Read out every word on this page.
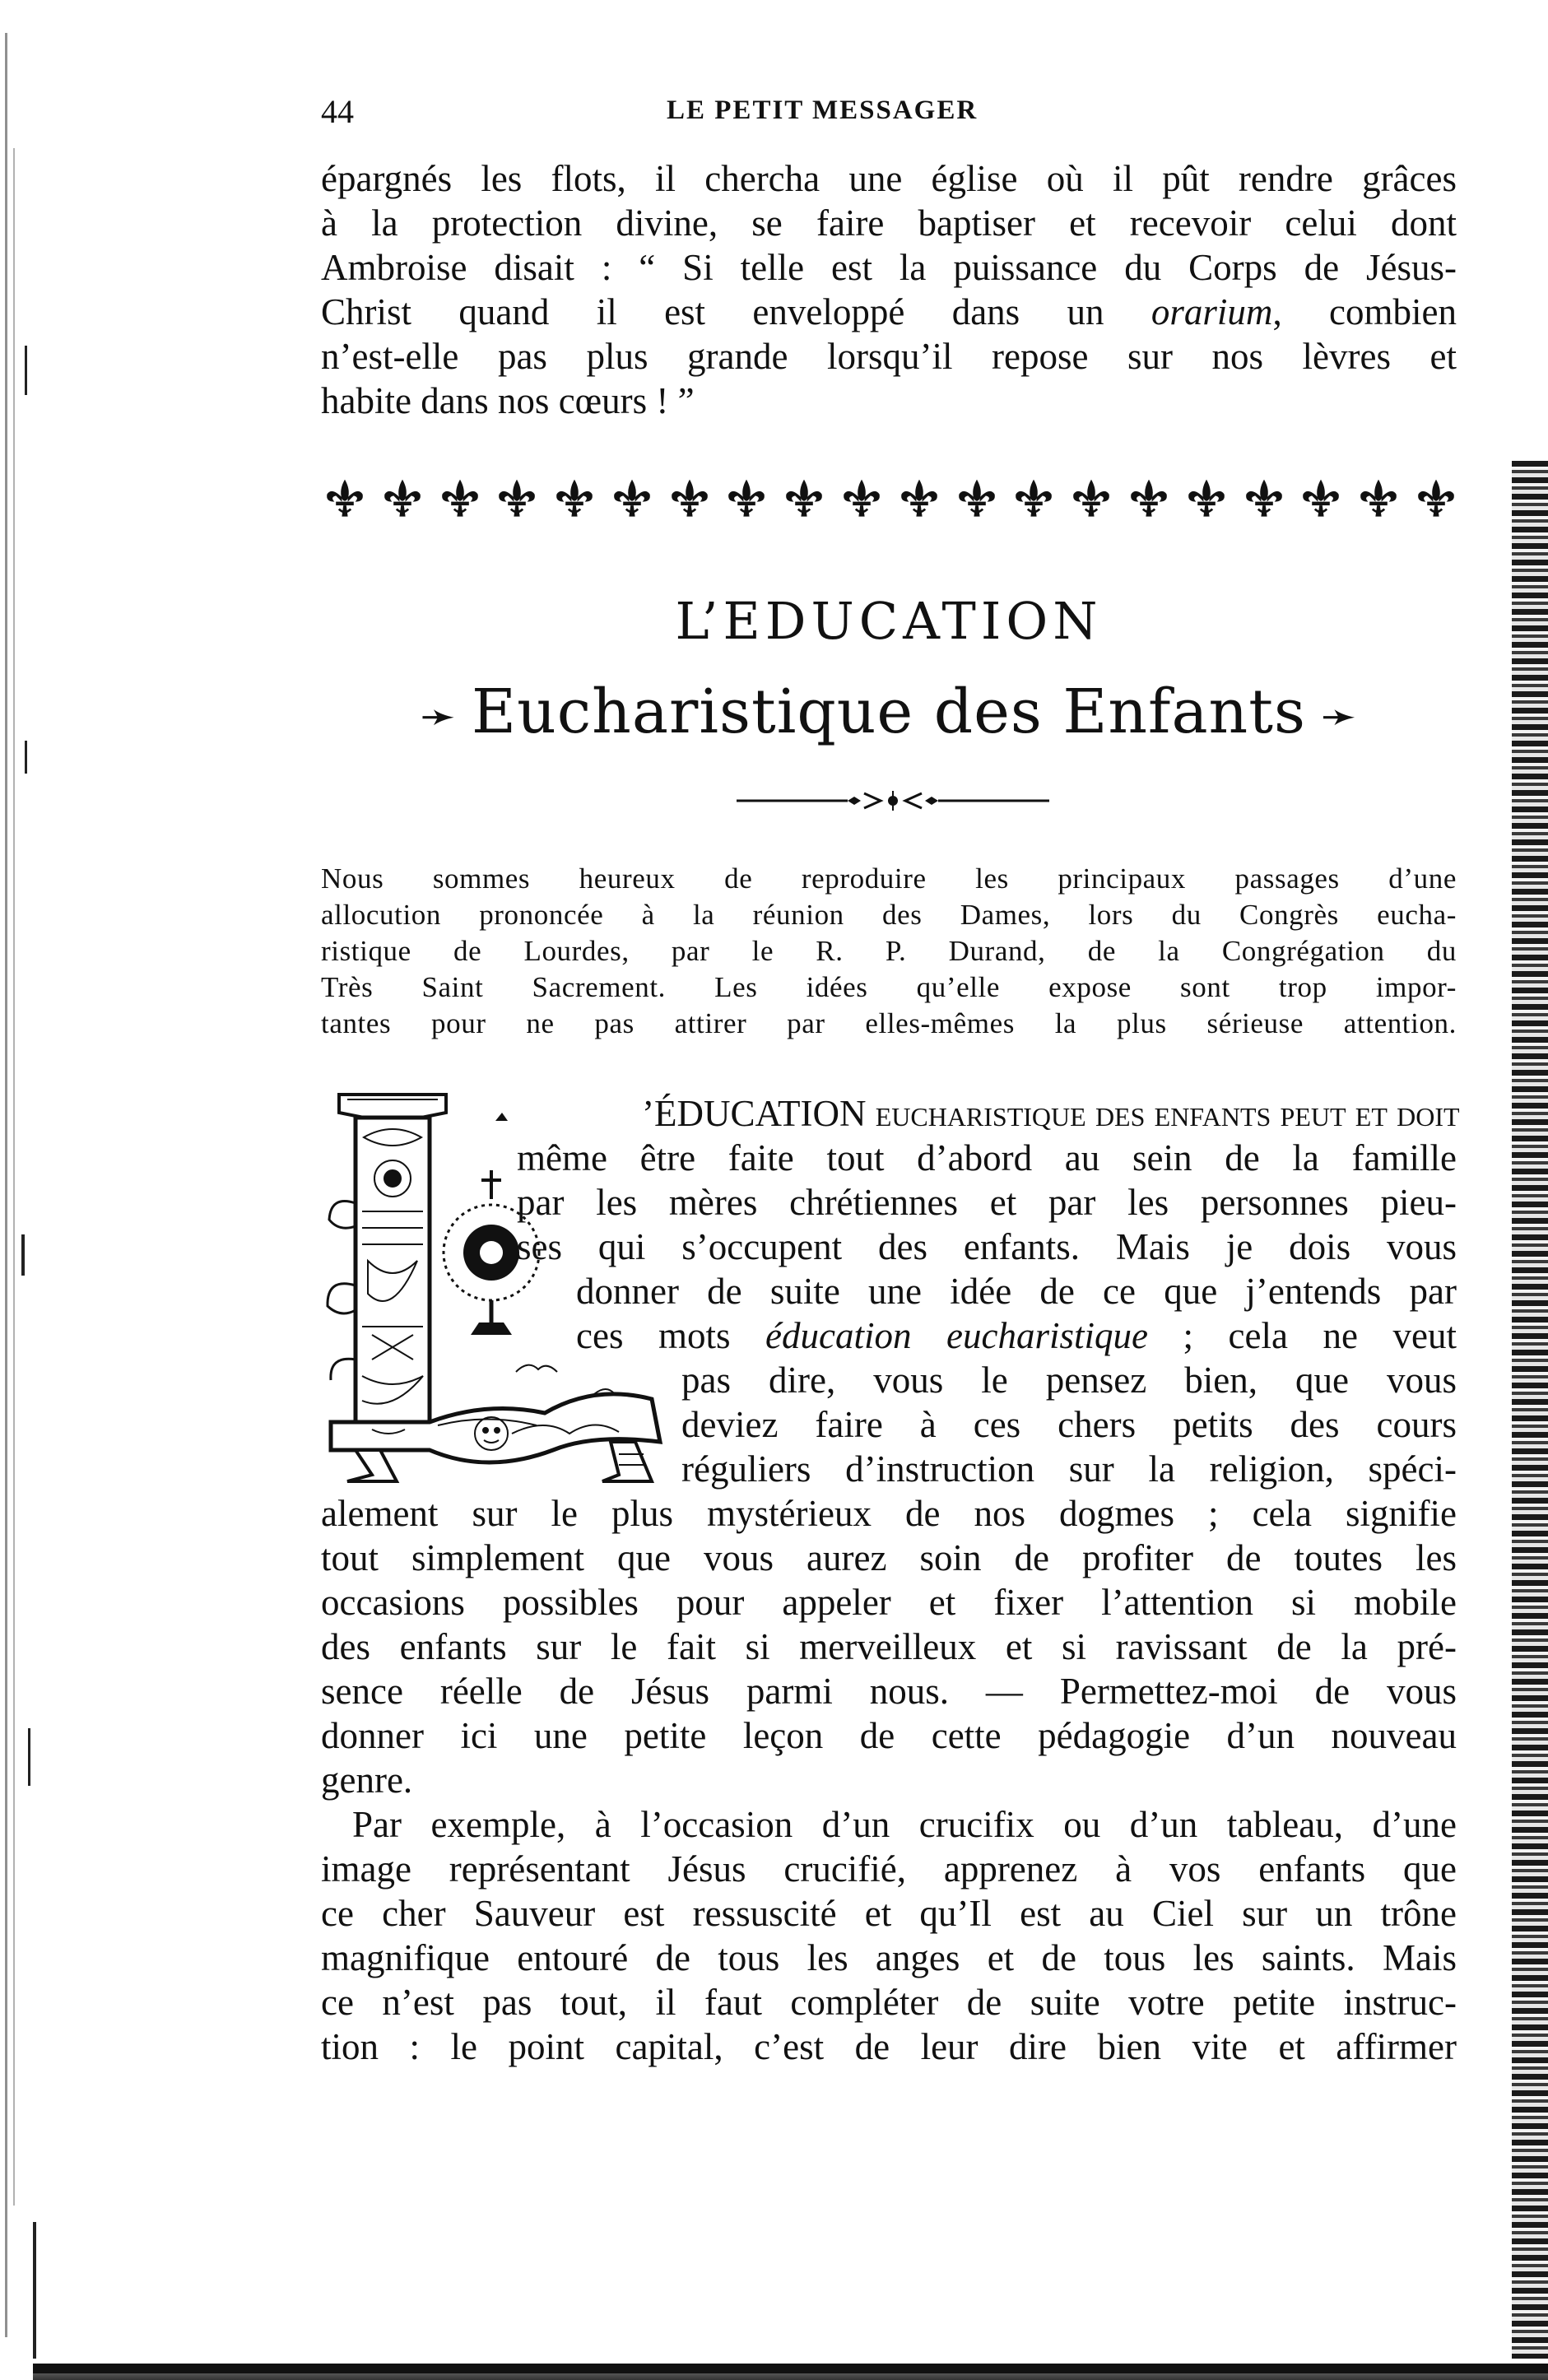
44	LE PETIT MESSAGER
épargnés les flots, il chercha une église où il pût rendre grâces
à la protection divine, se faire baptiser et recevoir celui dont
Ambroise disait : “ Si telle est la puissance du Corps de Jésus-
Christ quand il est enveloppé dans un orarium, combien
n’est-elle pas plus grande lorsqu’il repose sur nos lèvres et
habite dans nos cœurs ! ”
L’EDUCATION
➛ Eucharistique des Enfants ➛
Nous sommes heureux de reproduire les principaux passages d’une
allocution prononcée à la réunion des Dames, lors du Congrès eucha-
ristique de Lourdes, par le R. P. Durand, de la Congrégation du
Très Saint Sacrement. Les idées qu’elle expose sont trop impor-
tantes pour ne pas attirer par elles-mêmes la plus sérieuse attention.
’ÉDUCATION eucharistique des enfants peut et doit
même être faite tout d’abord au sein de la famille
par les mères chrétiennes et par les personnes pieu-
ses qui s’occupent des enfants. Mais je dois vous
donner de suite une idée de ce que j’entends par
ces mots éducation eucharistique ; cela ne veut
pas dire, vous le pensez bien, que vous
deviez faire à ces chers petits des cours
réguliers d’instruction sur la religion, spéci-
alement sur le plus mystérieux de nos dogmes ; cela signifie
tout simplement que vous aurez soin de profiter de toutes les
occasions possibles pour appeler et fixer l’attention si mobile
des enfants sur le fait si merveilleux et si ravissant de la pré-
sence réelle de Jésus parmi nous. — Permettez-moi de vous
donner ici une petite leçon de cette pédagogie d’un nouveau
genre.
Par exemple, à l’occasion d’un crucifix ou d’un tableau, d’une
image représentant Jésus crucifié, apprenez à vos enfants que
ce cher Sauveur est ressuscité et qu’Il est au Ciel sur un trône
magnifique entouré de tous les anges et de tous les saints. Mais
ce n’est pas tout, il faut compléter de suite votre petite instruc-
tion : le point capital, c’est de leur dire bien vite et affirmer
